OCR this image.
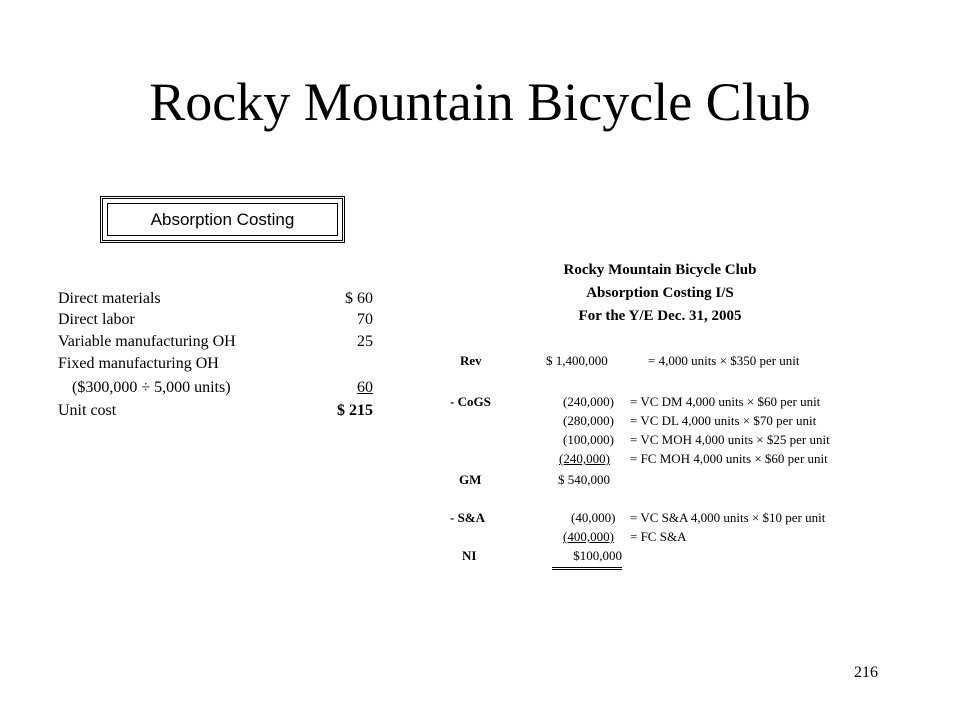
Rocky Mountain Bicycle Club
Absorption Costing
Direct materials	$ 60
Direct labor	70
Variable manufacturing OH	25
Fixed manufacturing OH
($300,000 ÷ 5,000 units)	60
Unit cost	$ 215
Rocky Mountain Bicycle Club
Absorption Costing I/S
For the Y/E Dec. 31, 2005
Rev	$ 1,400,000	= 4,000 units × $350 per unit
- CoGS	(240,000) = VC DM 4,000 units × $60 per unit
(280,000) = VC DL 4,000 units × $70 per unit
(100,000) = VC MOH 4,000 units × $25 per unit
(240,000) = FC MOH 4,000 units × $60 per unit
GM	$ 540,000
- S&A	(40,000) = VC S&A 4,000 units × $10 per unit
(400,000) = FC S&A
NI	$100,000
216
